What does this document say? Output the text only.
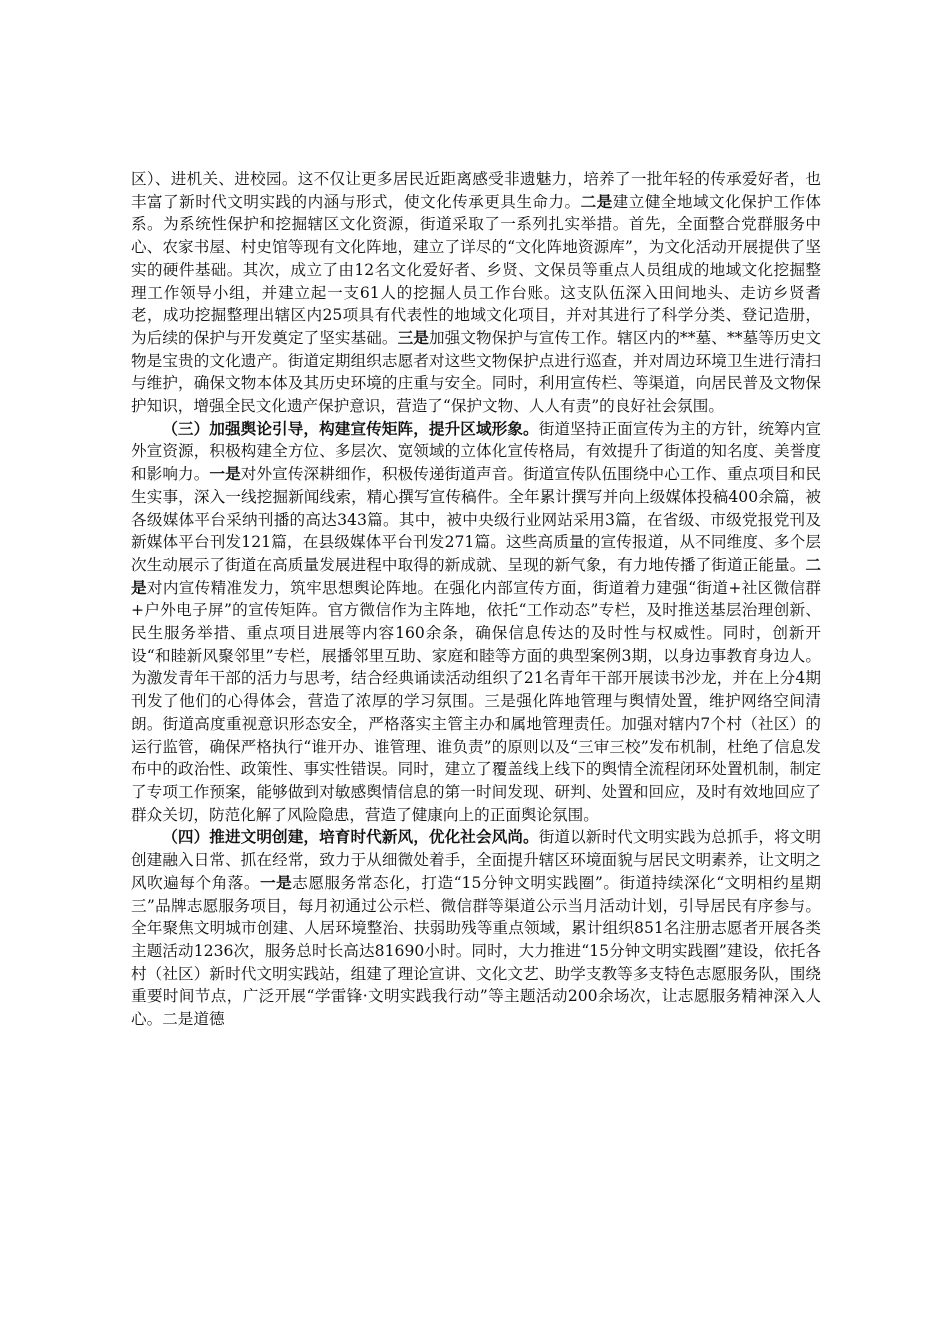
区）、进机关、进校园。这不仅让更多居民近距离感受非遗魅力，培养了一批年轻的传承爱好者，也丰富了新时代文明实践的内涵与形式，使文化传承更具生命力。二是建立健全地域文化保护工作体系。为系统性保护和挖掘辖区文化资源，街道采取了一系列扎实举措。首先，全面整合党群服务中心、农家书屋、村史馆等现有文化阵地，建立了详尽的“文化阵地资源库”，为文化活动开展提供了坚实的硬件基础。其次，成立了由12名文化爱好者、乡贤、文保员等重点人员组成的地域文化挖掘整理工作领导小组，并建立起一支61人的挖掘人员工作台账。这支队伍深入田间地头、走访乡贤耆老，成功挖掘整理出辖区内25项具有代表性的地域文化项目，并对其进行了科学分类、登记造册，为后续的保护与开发奠定了坚实基础。三是加强文物保护与宣传工作。辖区内的**墓、**墓等历史文物是宝贵的文化遗产。街道定期组织志愿者对这些文物保护点进行巡查，并对周边环境卫生进行清扫与维护，确保文物本体及其历史环境的庄重与安全。同时，利用宣传栏、等渠道，向居民普及文物保护知识，增强全民文化遗产保护意识，营造了“保护文物、人人有责”的良好社会氛围。

（三）加强舆论引导，构建宣传矩阵，提升区域形象。街道坚持正面宣传为主的方针，统筹内宣外宣资源，积极构建全方位、多层次、宽领域的立体化宣传格局，有效提升了街道的知名度、美誉度和影响力。一是对外宣传深耕细作，积极传递街道声音。街道宣传队伍围绕中心工作、重点项目和民生实事，深入一线挖掘新闻线索，精心撰写宣传稿件。全年累计撰写并向上级媒体投稿400余篇，被各级媒体平台采纳刊播的高达343篇。其中，被中央级行业网站采用3篇，在省级、市级党报党刊及新媒体平台刊发121篇，在县级媒体平台刊发271篇。这些高质量的宣传报道，从不同维度、多个层次生动展示了街道在高质量发展进程中取得的新成就、呈现的新气象，有力地传播了街道正能量。二是对内宣传精准发力，筑牢思想舆论阵地。在强化内部宣传方面，街道着力建强“街道+社区微信群+户外电子屏”的宣传矩阵。官方微信作为主阵地，依托“工作动态”专栏，及时推送基层治理创新、民生服务举措、重点项目进展等内容160余条，确保信息传达的及时性与权威性。同时，创新开设“和睦新风聚邻里”专栏，展播邻里互助、家庭和睦等方面的典型案例3期，以身边事教育身边人。为激发青年干部的活力与思考，结合经典诵读活动组织了21名青年干部开展读书沙龙，并在上分4期刊发了他们的心得体会，营造了浓厚的学习氛围。三是强化阵地管理与舆情处置，维护网络空间清朗。街道高度重视意识形态安全，严格落实主管主办和属地管理责任。加强对辖内7个村（社区）的运行监管，确保严格执行“谁开办、谁管理、谁负责”的原则以及“三审三校”发布机制，杜绝了信息发布中的政治性、政策性、事实性错误。同时，建立了覆盖线上线下的舆情全流程闭环处置机制，制定了专项工作预案，能够做到对敏感舆情信息的第一时间发现、研判、处置和回应，及时有效地回应了群众关切，防范化解了风险隐患，营造了健康向上的正面舆论氛围。

（四）推进文明创建，培育时代新风，优化社会风尚。街道以新时代文明实践为总抓手，将文明创建融入日常、抓在经常，致力于从细微处着手，全面提升辖区环境面貌与居民文明素养，让文明之风吹遍每个角落。一是志愿服务常态化，打造“15分钟文明实践圈”。街道持续深化“文明相约星期三”品牌志愿服务项目，每月初通过公示栏、微信群等渠道公示当月活动计划，引导居民有序参与。全年聚焦文明城市创建、人居环境整治、扶弱助残等重点领域，累计组织851名注册志愿者开展各类主题活动1236次，服务总时长高达81690小时。同时，大力推进“15分钟文明实践圈”建设，依托各村（社区）新时代文明实践站，组建了理论宣讲、文化文艺、助学支教等多支特色志愿服务队，围绕重要时间节点，广泛开展“学雷锋·文明实践我行动”等主题活动200余场次，让志愿服务精神深入人心。二是道德
